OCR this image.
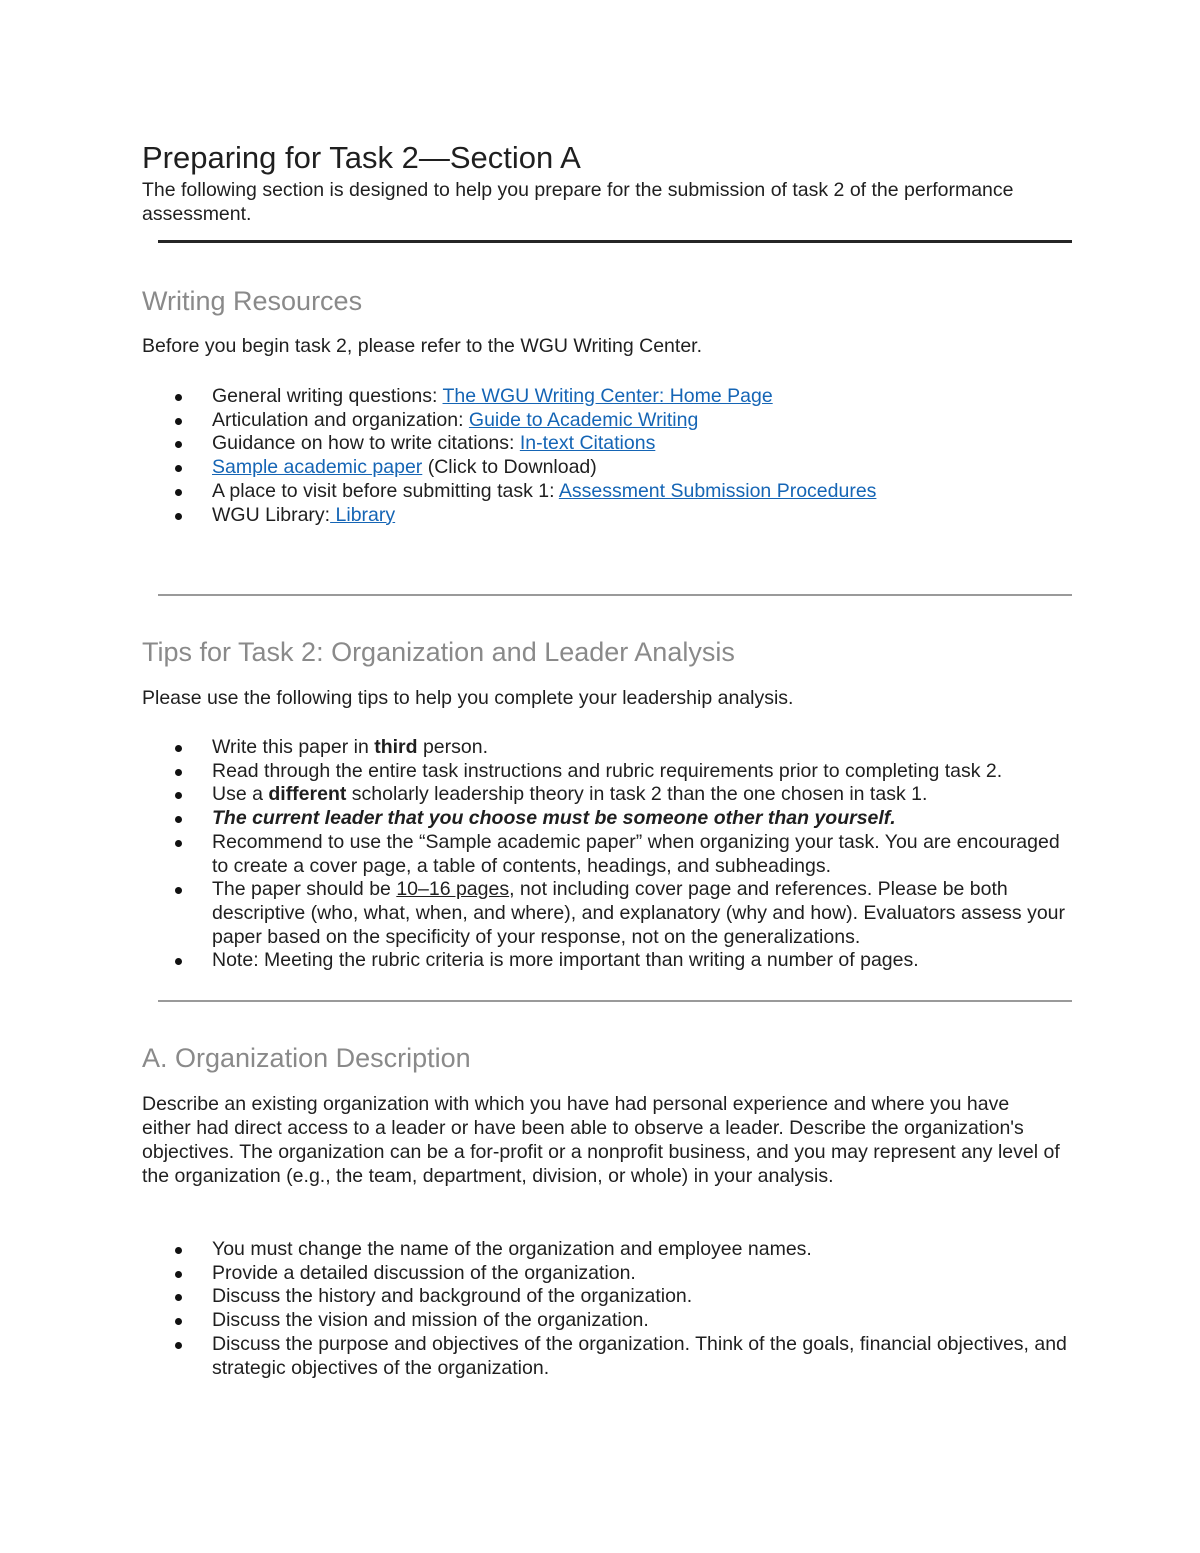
Preparing for Task 2—Section A

The following section is designed to help you prepare for the submission of task 2 of the performance assessment.

Writing Resources

Before you begin task 2, please refer to the WGU Writing Center.

General writing questions: The WGU Writing Center: Home Page
Articulation and organization: Guide to Academic Writing
Guidance on how to write citations: In-text Citations
Sample academic paper (Click to Download)
A place to visit before submitting task 1: Assessment Submission Procedures
WGU Library: Library
Tips for Task 2: Organization and Leader Analysis

Please use the following tips to help you complete your leadership analysis.

Write this paper in third person.
Read through the entire task instructions and rubric requirements prior to completing task 2.
Use a different scholarly leadership theory in task 2 than the one chosen in task 1.
The current leader that you choose must be someone other than yourself.
Recommend to use the “Sample academic paper” when organizing your task. You are encouraged to create a cover page, a table of contents, headings, and subheadings.
The paper should be 10–16 pages, not including cover page and references. Please be both descriptive (who, what, when, and where), and explanatory (why and how). Evaluators assess your paper based on the specificity of your response, not on the generalizations.
Note: Meeting the rubric criteria is more important than writing a number of pages.
A. Organization Description

Describe an existing organization with which you have had personal experience and where you have either had direct access to a leader or have been able to observe a leader. Describe the organization's objectives. The organization can be a for-profit or a nonprofit business, and you may represent any level of the organization (e.g., the team, department, division, or whole) in your analysis.

You must change the name of the organization and employee names.
Provide a detailed discussion of the organization.
Discuss the history and background of the organization.
Discuss the vision and mission of the organization.
Discuss the purpose and objectives of the organization. Think of the goals, financial objectives, and strategic objectives of the organization.
